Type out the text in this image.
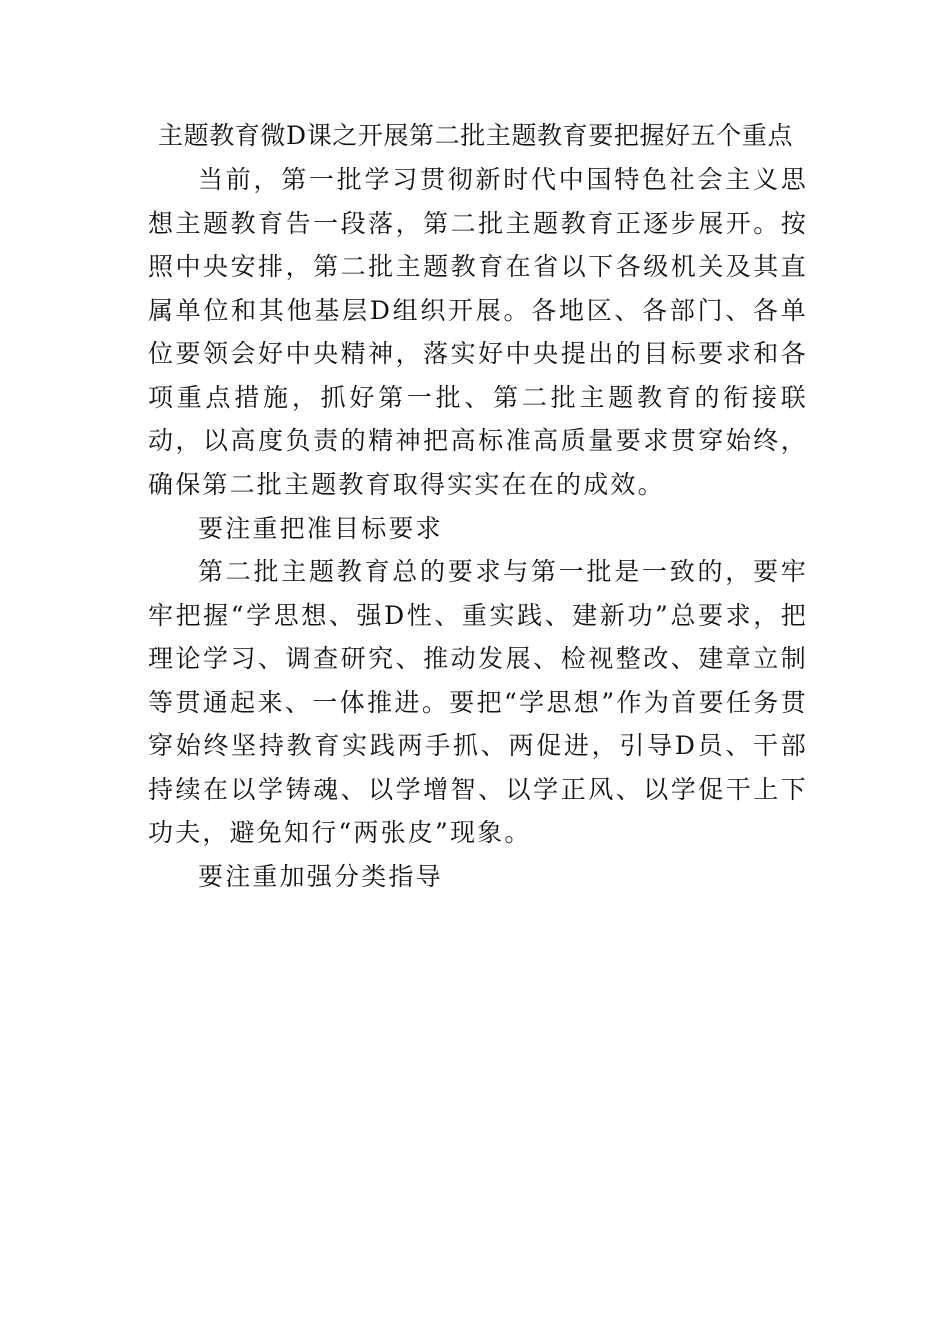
主题教育微D课之开展第二批主题教育要把握好五个重点

当前，第一批学习贯彻新时代中国特色社会主义思想主题教育告一段落，第二批主题教育正逐步展开。按照中央安排，第二批主题教育在省以下各级机关及其直属单位和其他基层D组织开展。各地区、各部门、各单位要领会好中央精神，落实好中央提出的目标要求和各项重点措施，抓好第一批、第二批主题教育的衔接联动，以高度负责的精神把高标准高质量要求贯穿始终，确保第二批主题教育取得实实在在的成效。

要注重把准目标要求

第二批主题教育总的要求与第一批是一致的，要牢牢把握“学思想、强D性、重实践、建新功”总要求，把理论学习、调查研究、推动发展、检视整改、建章立制等贯通起来、一体推进。要把“学思想”作为首要任务贯穿始终坚持教育实践两手抓、两促进，引导D员、干部持续在以学铸魂、以学增智、以学正风、以学促干上下功夫，避免知行“两张皮”现象。

要注重加强分类指导
